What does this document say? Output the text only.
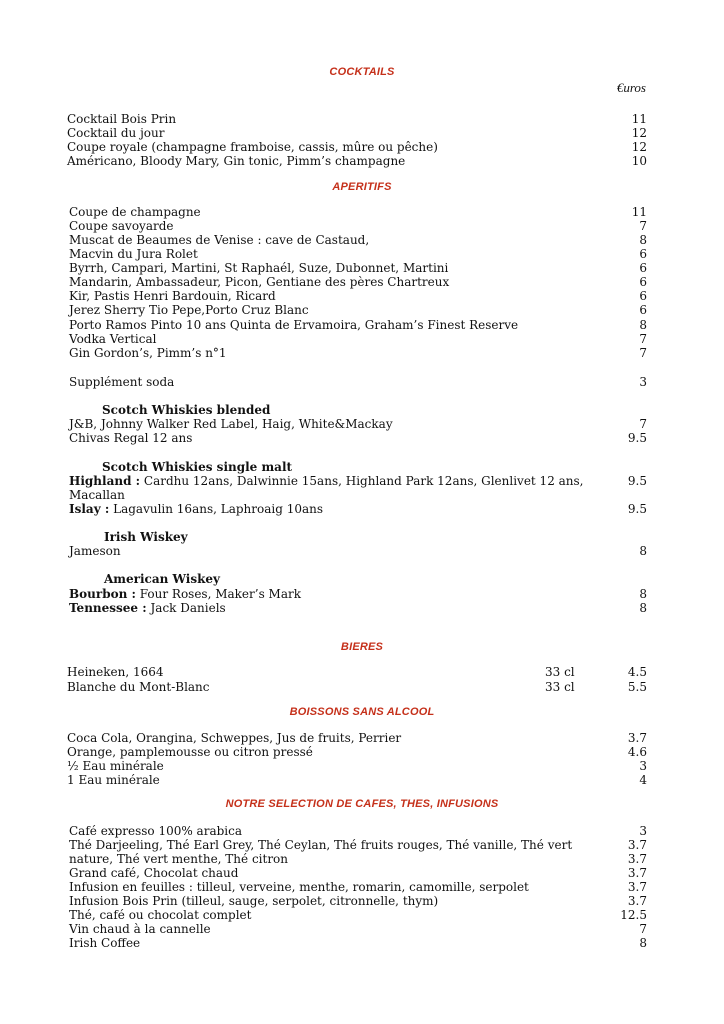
COCKTAILS
€uros
Cocktail Bois Prin	11
Cocktail du jour	12
Coupe royale (champagne framboise, cassis, mûre ou pêche)	12
Américano, Bloody Mary, Gin tonic, Pimm’s champagne	10
APERITIFS
Coupe de champagne	11
Coupe savoyarde	7
Muscat de Beaumes de Venise : cave de Castaud,	8
Macvin du Jura Rolet	6
Byrrh, Campari, Martini, St Raphaél, Suze, Dubonnet, Martini	6
Mandarin, Ambassadeur, Picon, Gentiane des pères Chartreux	6
Kir, Pastis Henri Bardouin, Ricard	6
Jerez Sherry Tio Pepe,Porto Cruz Blanc	6
Porto Ramos Pinto 10 ans Quinta de Ervamoira, Graham’s Finest Reserve	8
Vodka Vertical	7
Gin Gordon’s, Pimm’s n°1	7
Supplément soda	3
Scotch Whiskies blended
J&B, Johnny Walker Red Label, Haig, White&Mackay	7
Chivas Regal 12 ans	9.5
Scotch Whiskies single malt
Highland : Cardhu 12ans, Dalwinnie 15ans, Highland Park 12ans, Glenlivet 12 ans,	9.5
Macallan
Islay : Lagavulin 16ans, Laphroaig 10ans	9.5
Irish Wiskey
Jameson	8
American Wiskey
Bourbon : Four Roses, Maker’s Mark	8
Tennessee : Jack Daniels	8
BIERES
Heineken, 1664	33 cl	4.5
Blanche du Mont-Blanc	33 cl	5.5
BOISSONS SANS ALCOOL
Coca Cola, Orangina, Schweppes, Jus de fruits, Perrier	3.7
Orange, pamplemousse ou citron pressé	4.6
½ Eau minérale	3
1 Eau minérale	4
NOTRE SELECTION DE CAFES, THES, INFUSIONS
Café expresso 100% arabica	3
Thé Darjeeling, Thé Earl Grey, Thé Ceylan, Thé fruits rouges, Thé vanille, Thé vert	3.7
nature, Thé vert menthe, Thé citron	3.7
Grand café, Chocolat chaud	3.7
Infusion en feuilles : tilleul, verveine, menthe, romarin, camomille, serpolet	3.7
Infusion Bois Prin (tilleul, sauge, serpolet, citronnelle, thym)	3.7
Thé, café ou chocolat complet	12.5
Vin chaud à la cannelle	7
Irish Coffee	8
